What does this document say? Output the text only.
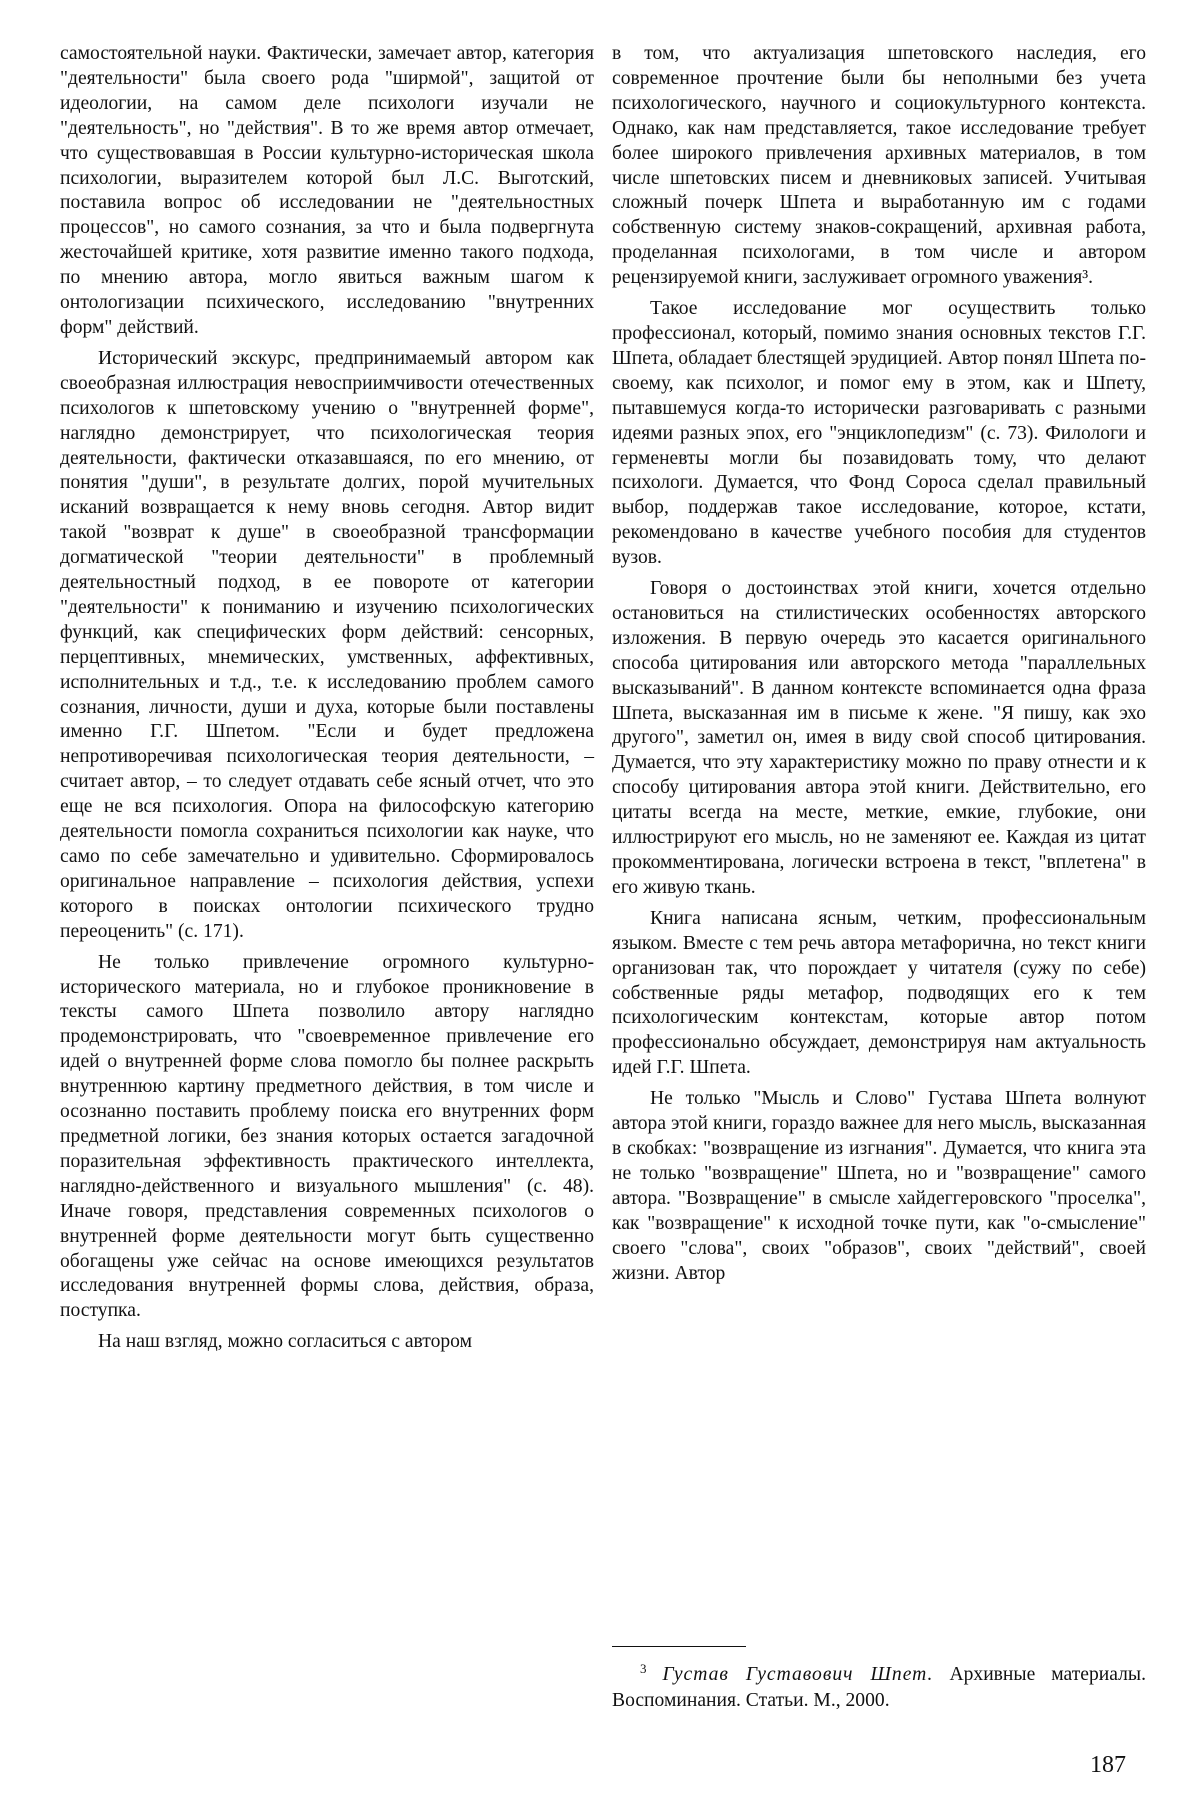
самостоятельной науки. Фактически, замечает автор, категория "деятельности" была своего рода "ширмой", защитой от идеологии, на самом деле психологи изучали не "деятельность", но "действия". В то же время автор отмечает, что существовавшая в России культурно-историческая школа психологии, выразителем которой был Л.С. Выготский, поставила вопрос об исследовании не "деятельностных процессов", но самого сознания, за что и была подвергнута жесточайшей критике, хотя развитие именно такого подхода, по мнению автора, могло явиться важным шагом к онтологизации психического, исследованию "внутренних форм" действий.

Исторический экскурс, предпринимаемый автором как своеобразная иллюстрация невосприимчивости отечественных психологов к шпетовскому учению о "внутренней форме", наглядно демонстрирует, что психологическая теория деятельности, фактически отказавшаяся, по его мнению, от понятия "души", в результате долгих, порой мучительных исканий возвращается к нему вновь сегодня. Автор видит такой "возврат к душе" в своеобразной трансформации догматической "теории деятельности" в проблемный деятельностный подход, в ее повороте от категории "деятельности" к пониманию и изучению психологических функций, как специфических форм действий: сенсорных, перцептивных, мнемических, умственных, аффективных, исполнительных и т.д., т.е. к исследованию проблем самого сознания, личности, души и духа, которые были поставлены именно Г.Г. Шпетом. "Если и будет предложена непротиворечивая психологическая теория деятельности, – считает автор, – то следует отдавать себе ясный отчет, что это еще не вся психология. Опора на философскую категорию деятельности помогла сохраниться психологии как науке, что само по себе замечательно и удивительно. Сформировалось оригинальное направление – психология действия, успехи которого в поисках онтологии психического трудно переоценить" (с. 171).

Не только привлечение огромного культурно-исторического материала, но и глубокое проникновение в тексты самого Шпета позволило автору наглядно продемонстрировать, что "своевременное привлечение его идей о внутренней форме слова помогло бы полнее раскрыть внутреннюю картину предметного действия, в том числе и осознанно поставить проблему поиска его внутренних форм предметной логики, без знания которых остается загадочной поразительная эффективность практического интеллекта, наглядно-действенного и визуального мышления" (с. 48). Иначе говоря, представления современных психологов о внутренней форме деятельности могут быть существенно обогащены уже сейчас на основе имеющихся результатов исследования внутренней формы слова, действия, образа, поступка.

На наш взгляд, можно согласиться с автором

в том, что актуализация шпетовского наследия, его современное прочтение были бы неполными без учета психологического, научного и социокультурного контекста. Однако, как нам представляется, такое исследование требует более широкого привлечения архивных материалов, в том числе шпетовских писем и дневниковых записей. Учитывая сложный почерк Шпета и выработанную им с годами собственную систему знаков-сокращений, архивная работа, проделанная психологами, в том числе и автором рецензируемой книги, заслуживает огромного уважения³.

Такое исследование мог осуществить только профессионал, который, помимо знания основных текстов Г.Г. Шпета, обладает блестящей эрудицией. Автор понял Шпета по-своему, как психолог, и помог ему в этом, как и Шпету, пытавшемуся когда-то исторически разговаривать с разными идеями разных эпох, его "энциклопедизм" (с. 73). Филологи и герменевты могли бы позавидовать тому, что делают психологи. Думается, что Фонд Сороса сделал правильный выбор, поддержав такое исследование, которое, кстати, рекомендовано в качестве учебного пособия для студентов вузов.

Говоря о достоинствах этой книги, хочется отдельно остановиться на стилистических особенностях авторского изложения. В первую очередь это касается оригинального способа цитирования или авторского метода "параллельных высказываний". В данном контексте вспоминается одна фраза Шпета, высказанная им в письме к жене. "Я пишу, как эхо другого", заметил он, имея в виду свой способ цитирования. Думается, что эту характеристику можно по праву отнести и к способу цитирования автора этой книги. Действительно, его цитаты всегда на месте, меткие, емкие, глубокие, они иллюстрируют его мысль, но не заменяют ее. Каждая из цитат прокомментирована, логически встроена в текст, "вплетена" в его живую ткань.

Книга написана ясным, четким, профессиональным языком. Вместе с тем речь автора метафорична, но текст книги организован так, что порождает у читателя (сужу по себе) собственные ряды метафор, подводящих его к тем психологическим контекстам, которые автор потом профессионально обсуждает, демонстрируя нам актуальность идей Г.Г. Шпета.

Не только "Мысль и Слово" Густава Шпета волнуют автора этой книги, гораздо важнее для него мысль, высказанная в скобках: "возвращение из изгнания". Думается, что книга эта не только "возвращение" Шпета, но и "возвращение" самого автора. "Возвращение" в смысле хайдеггеровского "проселка", как "возвращение" к исходной точке пути, как "о-смысление" своего "слова", своих "образов", своих "действий", своей жизни. Автор

$^3$ Густав Густавович Шпет. Архивные материалы. Воспоминания. Статьи. М., 2000.
187
